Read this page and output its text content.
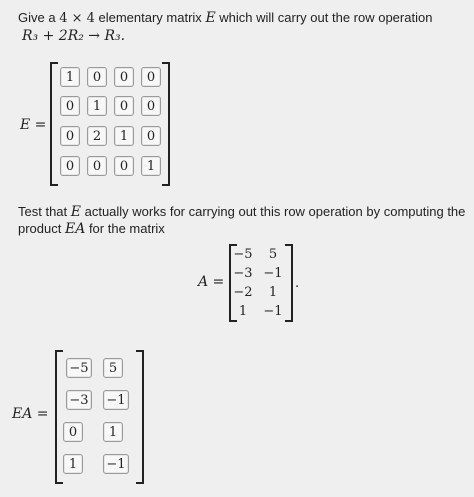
Give a 4 × 4 elementary matrix E which will carry out the row operation
R₃ + 2R₂ → R₃.
E =
1	0	0	0
0	1	0	0
0	2	1	0
0	0	0	1
Test that E actually works for carrying out this row operation by computing the
product EA for the matrix
A =
−5	5
−3 −1
−2	1
1	−1
.
EA =
−5	5
−3 −1
0	1
1	−1
